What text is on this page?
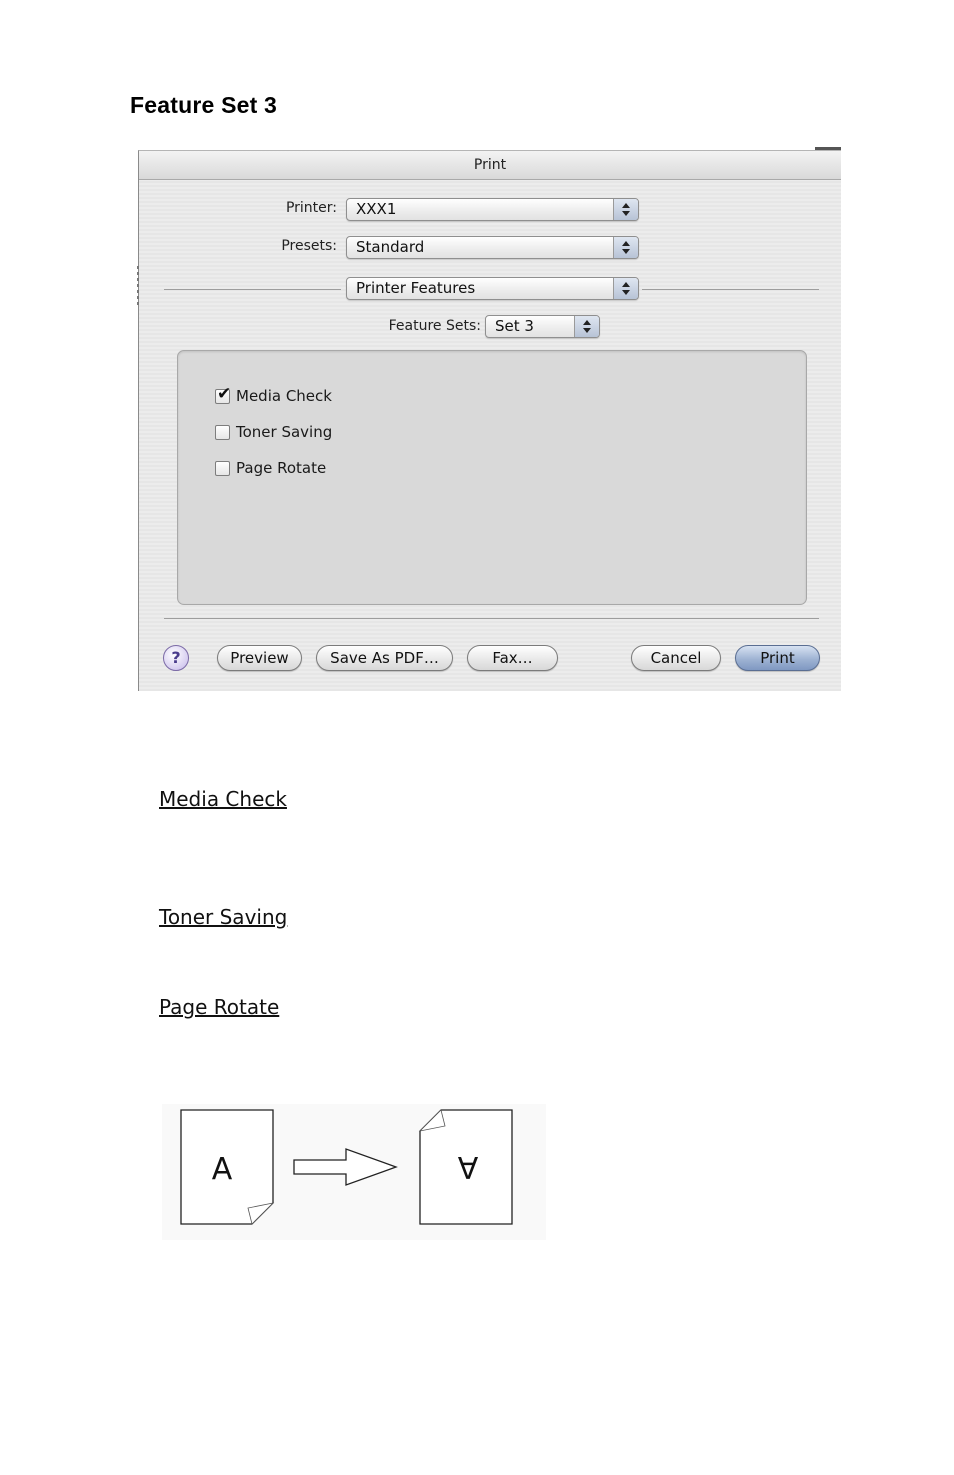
Feature Set 3
Print
Printer:	XXX1
Presets:	Standard
Printer Features
Feature Sets: Set 3
✔ Media Check
Toner Saving
Page Rotate
?	Preview	Save As PDF…	Fax…	Cancel	Print
Media Check
Toner Saving
Page Rotate
A	∀
